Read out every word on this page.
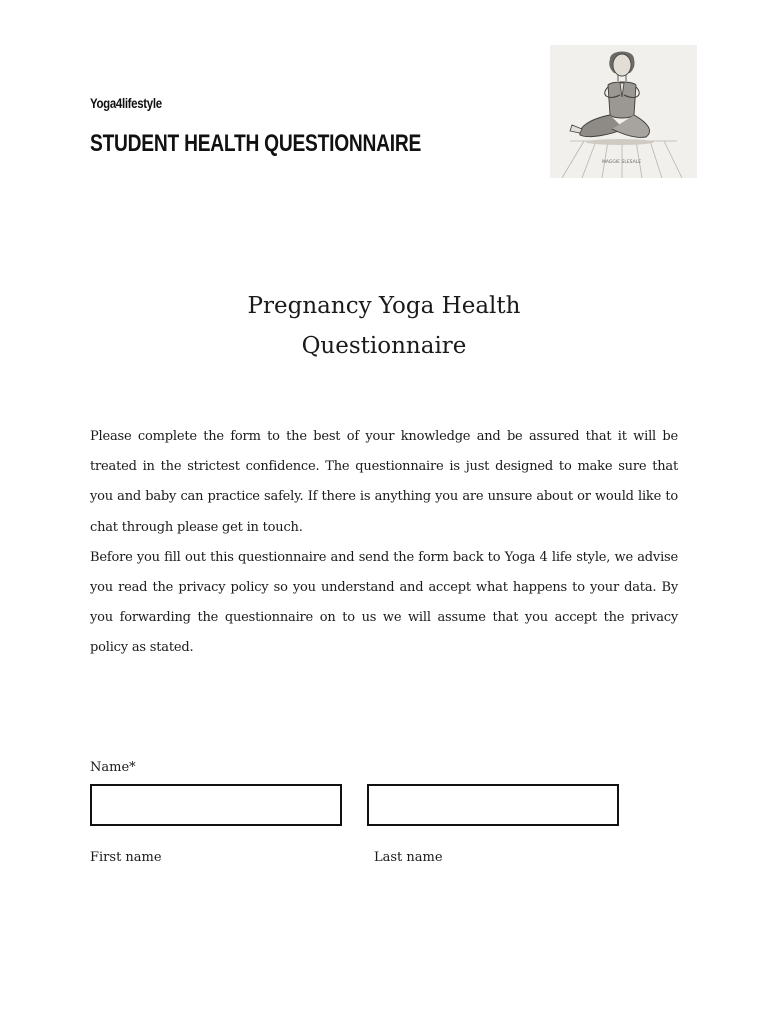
Yoga4lifestyle
STUDENT HEALTH QUESTIONNAIRE
MAGGIE SLESALE
Pregnancy Yoga Health
Questionnaire

Please complete the form to the best of your knowledge and be assured that it will be treated in the strictest confidence. The questionnaire is just designed to make sure that you and baby can practice safely. If there is anything you are unsure about or would like to chat through please get in touch.

Before you fill out this questionnaire and send the form back to Yoga 4 life style, we advise you read the privacy policy so you understand and accept what happens to your data. By you forwarding the questionnaire on to us we will assume that you accept the privacy policy as stated.

Name*
First name	Last name
